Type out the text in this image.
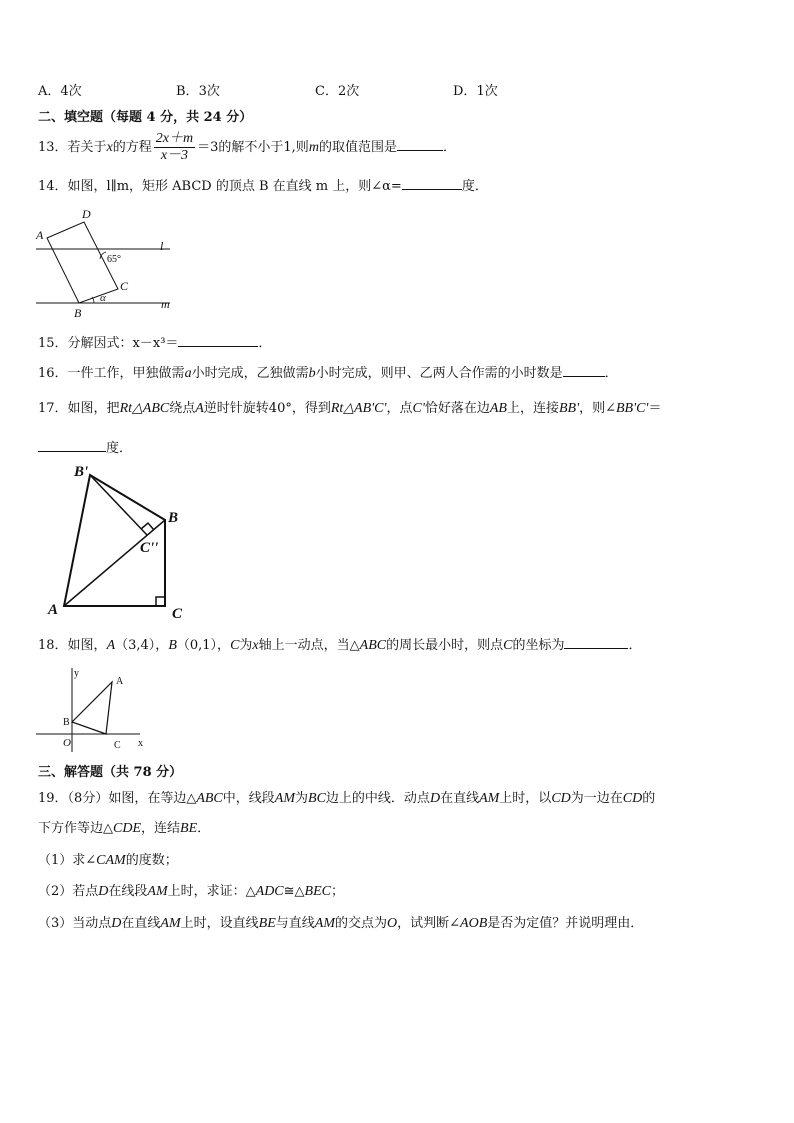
A．4次	B．3次	C．2次	D．1次
二、填空题（每题 4 分，共 24 分）
13．若关于x的方程 $\frac{2x+m}{x-3} =3$的解不小于1,则m的取值范围是	．
14．如图，l∥m，矩形 ABCD 的顶点 B 在直线 m 上，则∠α=	度．
A
D
C
B
l
m
65°
α
15．分解因式：x－x³＝	．
16．一件工作，甲独做需a小时完成，乙独做需b小时完成，则甲、乙两人合作需的小时数是	．
17．如图，把Rt△ABC绕点A逆时针旋转40°，得到Rt△AB'C'，点C'恰好落在边AB上，连接BB'，则∠BB'C'＝
度．
B'
B
C''
A	C
18．如图，A（3,4），B（0,1），C为x轴上一动点，当△ABC的周长最小时，则点C的坐标为	．
y
x
A
B
O	C
三、解答题（共 78 分）
19．（8分）如图，在等边△ABC中，线段AM为BC边上的中线．动点D在直线AM上时，以CD为一边在CD的
下方作等边△CDE，连结BE．
（1）求∠CAM的度数；
（2）若点D在线段AM上时，求证：△ADC≅△BEC；
（3）当动点D在直线AM上时，设直线BE与直线AM的交点为O，试判断∠AOB是否为定值？并说明理由．
